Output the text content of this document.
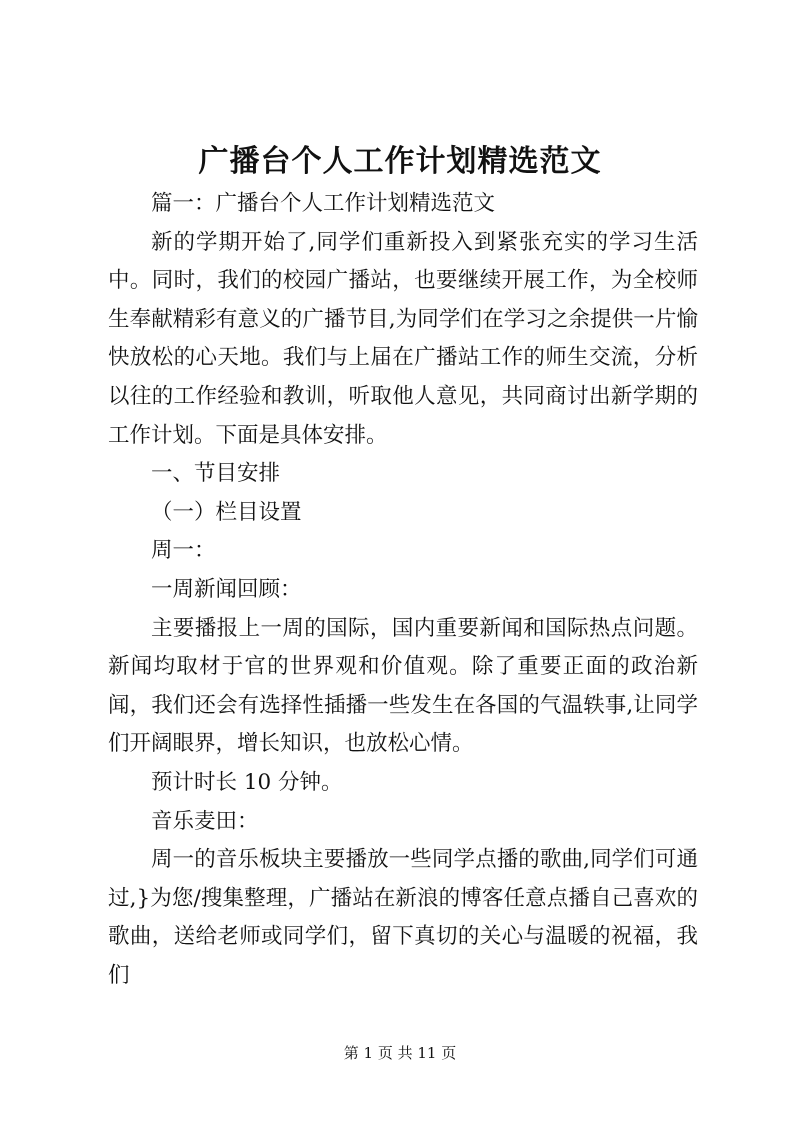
广播台个人工作计划精选范文

篇一：广播台个人工作计划精选范文

新的学期开始了,同学们重新投入到紧张充实的学习生活中。同时，我们的校园广播站，也要继续开展工作，为全校师生奉献精彩有意义的广播节目,为同学们在学习之余提供一片愉快放松的心天地。我们与上届在广播站工作的师生交流，分析以往的工作经验和教训，听取他人意见，共同商讨出新学期的工作计划。下面是具体安排。

一、节目安排

（一）栏目设置

周一：

一周新闻回顾：

主要播报上一周的国际，国内重要新闻和国际热点问题。新闻均取材于官的世界观和价值观。除了重要正面的政治新闻，我们还会有选择性插播一些发生在各国的气温轶事,让同学们开阔眼界，增长知识，也放松心情。

预计时长 10 分钟。

音乐麦田：

周一的音乐板块主要播放一些同学点播的歌曲,同学们可通过,}为您/搜集整理，广播站在新浪的博客任意点播自己喜欢的歌曲，送给老师或同学们，留下真切的关心与温暖的祝福，我们

第 1 页 共 11 页
